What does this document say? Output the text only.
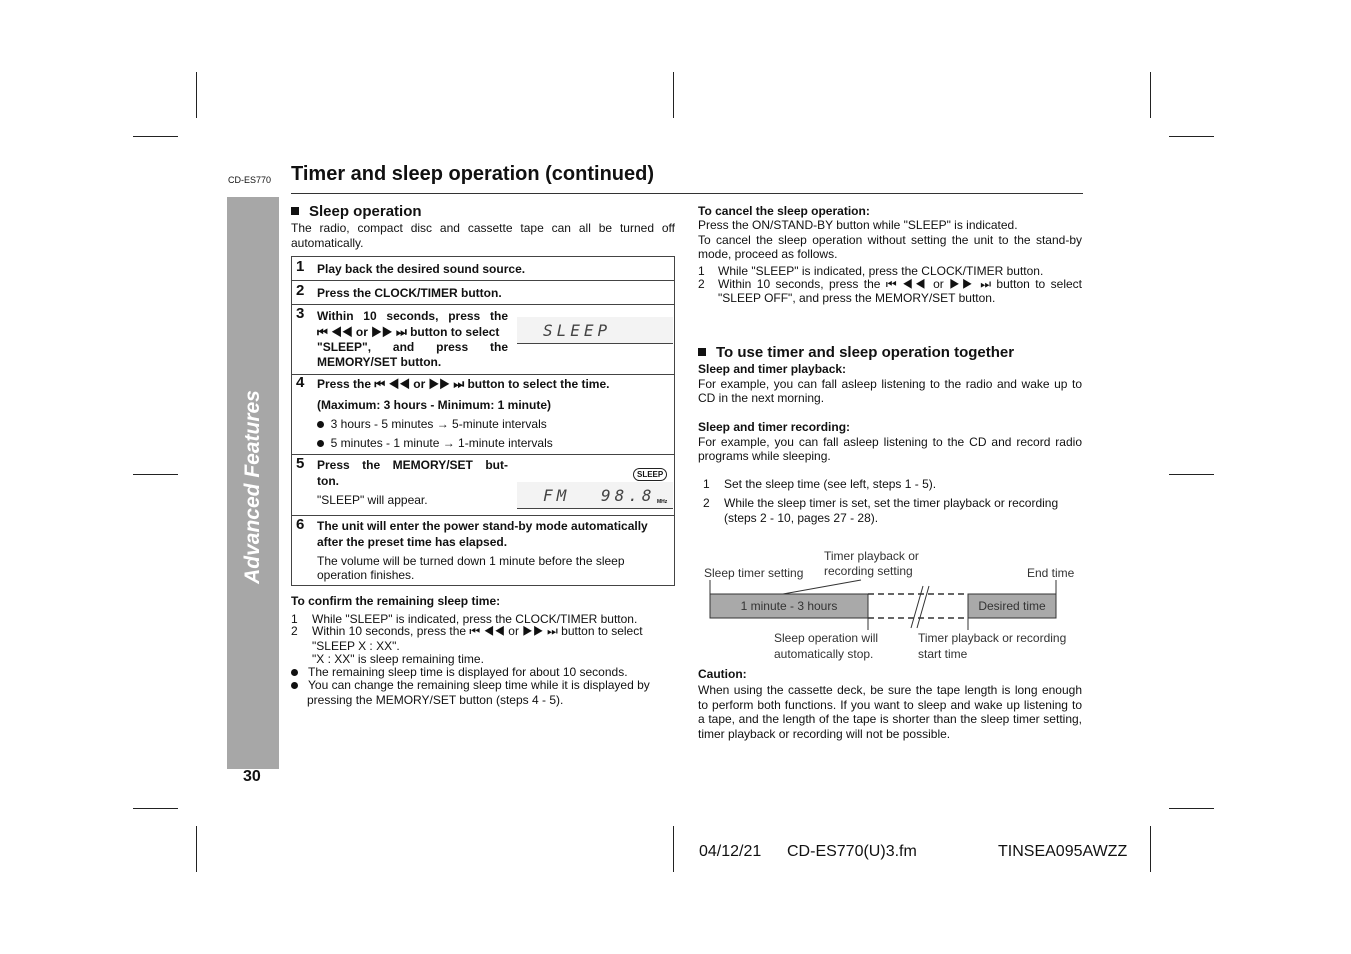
CD-ES770 Timer and sleep operation (continued)
Advanced Features
30
Sleep operation
The radio, compact disc and cassette tape can all be turned off automatically.
1 Play back the desired sound source.
2 Press the CLOCK/TIMER button.
3 Within 10 seconds, press the
⏮ ◀◀ or ▶▶ ⏭ button to select
"SLEEP", and press the
MEMORY/SET button.
SLEEP
4 Press the ⏮ ◀◀ or ▶▶ ⏭ button to select the time.
(Maximum: 3 hours - Minimum: 1 minute)
3 hours - 5 minutes → 5-minute intervals
5 minutes - 1 minute → 1-minute intervals
5 Press the MEMORY/SET but-
ton.
"SLEEP" will appear.
SLEEP
FM 98.8 MHz
6 The unit will enter the power stand-by mode automatically
after the preset time has elapsed.
The volume will be turned down 1 minute before the sleep
operation finishes.
To confirm the remaining sleep time:
1 While "SLEEP" is indicated, press the CLOCK/TIMER button.
2 Within 10 seconds, press the ⏮ ◀◀ or ▶▶ ⏭ button to select
"SLEEP X : XX".
"X : XX" is sleep remaining time.
The remaining sleep time is displayed for about 10 seconds.
You can change the remaining sleep time while it is displayed by
pressing the MEMORY/SET button (steps 4 - 5).
To cancel the sleep operation:
Press the ON/STAND-BY button while "SLEEP" is indicated.
To cancel the sleep operation without setting the unit to the stand-by mode, proceed as follows.
1 While "SLEEP" is indicated, press the CLOCK/TIMER button.
2 Within 10 seconds, press the ⏮ ◀◀ or ▶▶ ⏭ button to select
"SLEEP OFF", and press the MEMORY/SET button.
To use timer and sleep operation together
Sleep and timer playback:
For example, you can fall asleep listening to the radio and wake up to CD in the next morning.
Sleep and timer recording:
For example, you can fall asleep listening to the CD and record radio programs while sleeping.
1 Set the sleep time (see left, steps 1 - 5).
2 While the sleep timer is set, set the timer playback or recording
(steps 2 - 10, pages 27 - 28).
Sleep timer setting
Timer playback or
recording setting	End time
1 minute - 3 hours	Desired time
Sleep operation will
automatically stop.
Timer playback or recording
start time
Caution:
When using the cassette deck, be sure the tape length is long enough to perform both functions. If you want to sleep and wake up listening to a tape, and the length of the tape is shorter than the sleep timer setting, timer playback or recording will not be possible.
04/12/21 CD-ES770(U)3.fm	TINSEA095AWZZ
